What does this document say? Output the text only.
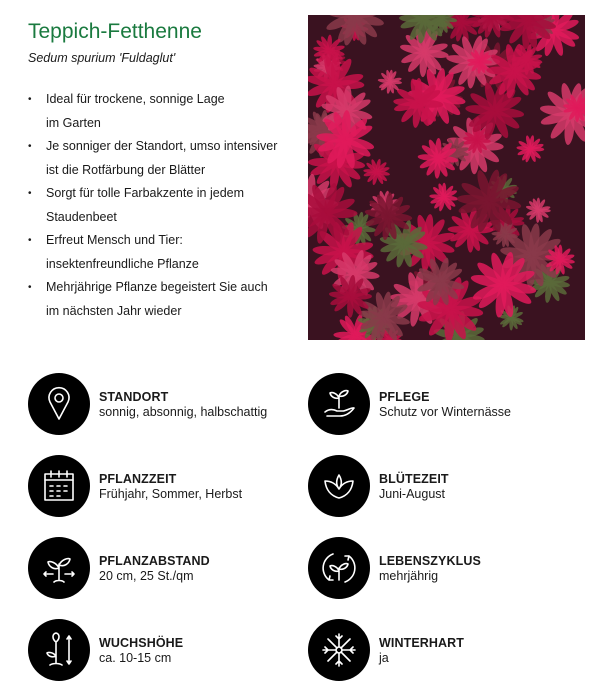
Teppich-Fetthenne
Sedum spurium 'Fuldaglut'
• Ideal für trockene, sonnige Lage
im Garten
• Je sonniger der Standort, umso intensiver
ist die Rotfärbung der Blätter
• Sorgt für tolle Farbakzente in jedem
Staudenbeet
• Erfreut Mensch und Tier:
insektenfreundliche Pflanze
• Mehrjährige Pflanze begeistert Sie auch
im nächsten Jahr wieder
STANDORT
sonnig, absonnig, halbschattig
PFLEGE
Schutz vor Winternässe
PFLANZZEIT
Frühjahr, Sommer, Herbst
BLÜTEZEIT
Juni-August
PFLANZABSTAND
20 cm, 25 St./qm
LEBENSZYKLUS
mehrjährig
WUCHSHÖHE
ca. 10-15 cm
WINTERHART
ja
